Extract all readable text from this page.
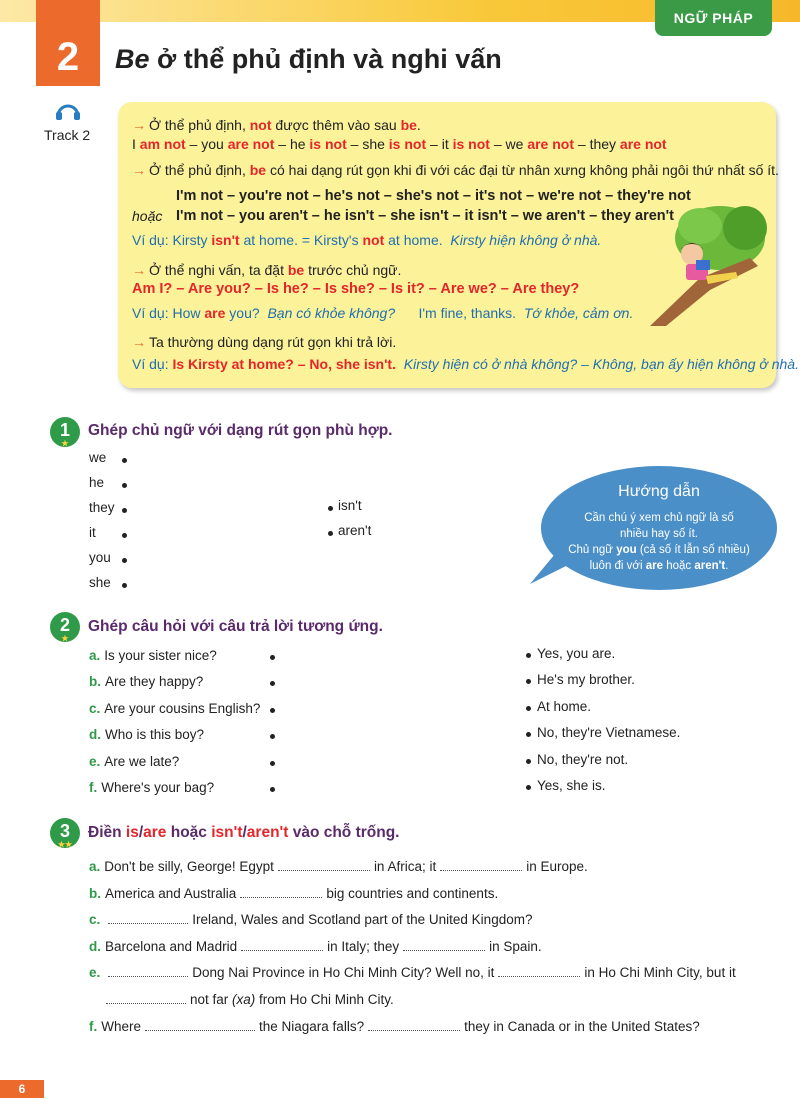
NGỮ PHÁP
2	Be ở thể phủ định và nghi vấn
Track 2
→ Ở thể phủ định, not được thêm vào sau be.
I am not – you are not – he is not – she is not – it is not – we are not – they are not
→ Ở thể phủ định, be có hai dạng rút gọn khi đi với các đại từ nhân xưng không phải ngôi thứ nhất số ít.
I'm not – you're not – he's not – she's not – it's not – we're not – they're not
hoặc I'm not – you aren't – he isn't – she isn't – it isn't – we aren't – they aren't
Ví dụ: Kirsty isn't at home. = Kirsty's not at home. Kirsty hiện không ở nhà.
→ Ở thể nghi vấn, ta đặt be trước chủ ngữ.
Am I? – Are you? – Is he? – Is she? – Is it? – Are we? – Are they?
Ví dụ: How are you? Bạn có khỏe không? I'm fine, thanks. Tớ khỏe, cảm ơn.
→ Ta thường dùng dạng rút gọn khi trả lời.
Ví dụ: Is Kirsty at home? – No, she isn't. Kirsty hiện có ở nhà không? – Không, bạn ấy hiện không ở nhà.
1
★
Ghép chủ ngữ với dạng rút gọn phù hợp.
we
he
they
it
you
she
isn't
aren't
Hướng dẫn
Cần chú ý xem chủ ngữ là số
nhiều hay số ít.
Chủ ngữ you (cả số ít lẫn số nhiều)
luôn đi với are hoặc aren't.
2
★
Ghép câu hỏi với câu trả lời tương ứng.
a. Is your sister nice?
b. Are they happy?
c. Are your cousins English?
d. Who is this boy?
e. Are we late?
f. Where's your bag?
Yes, you are.
He's my brother.
At home.
No, they're Vietnamese.
No, they're not.
Yes, she is.
3
★★
Điền is/are hoặc isn't/aren't vào chỗ trống.
a. Don't be silly, George! Egypt	in Africa; it	in Europe.
b. America and Australia	big countries and continents.
c.	Ireland, Wales and Scotland part of the United Kingdom?
d. Barcelona and Madrid	in Italy; they	in Spain.
e.	Dong Nai Province in Ho Chi Minh City? Well no, it	in Ho Chi Minh City, but it
not far (xa) from Ho Chi Minh City.
f. Where	the Niagara falls?	they in Canada or in the United States?
6
